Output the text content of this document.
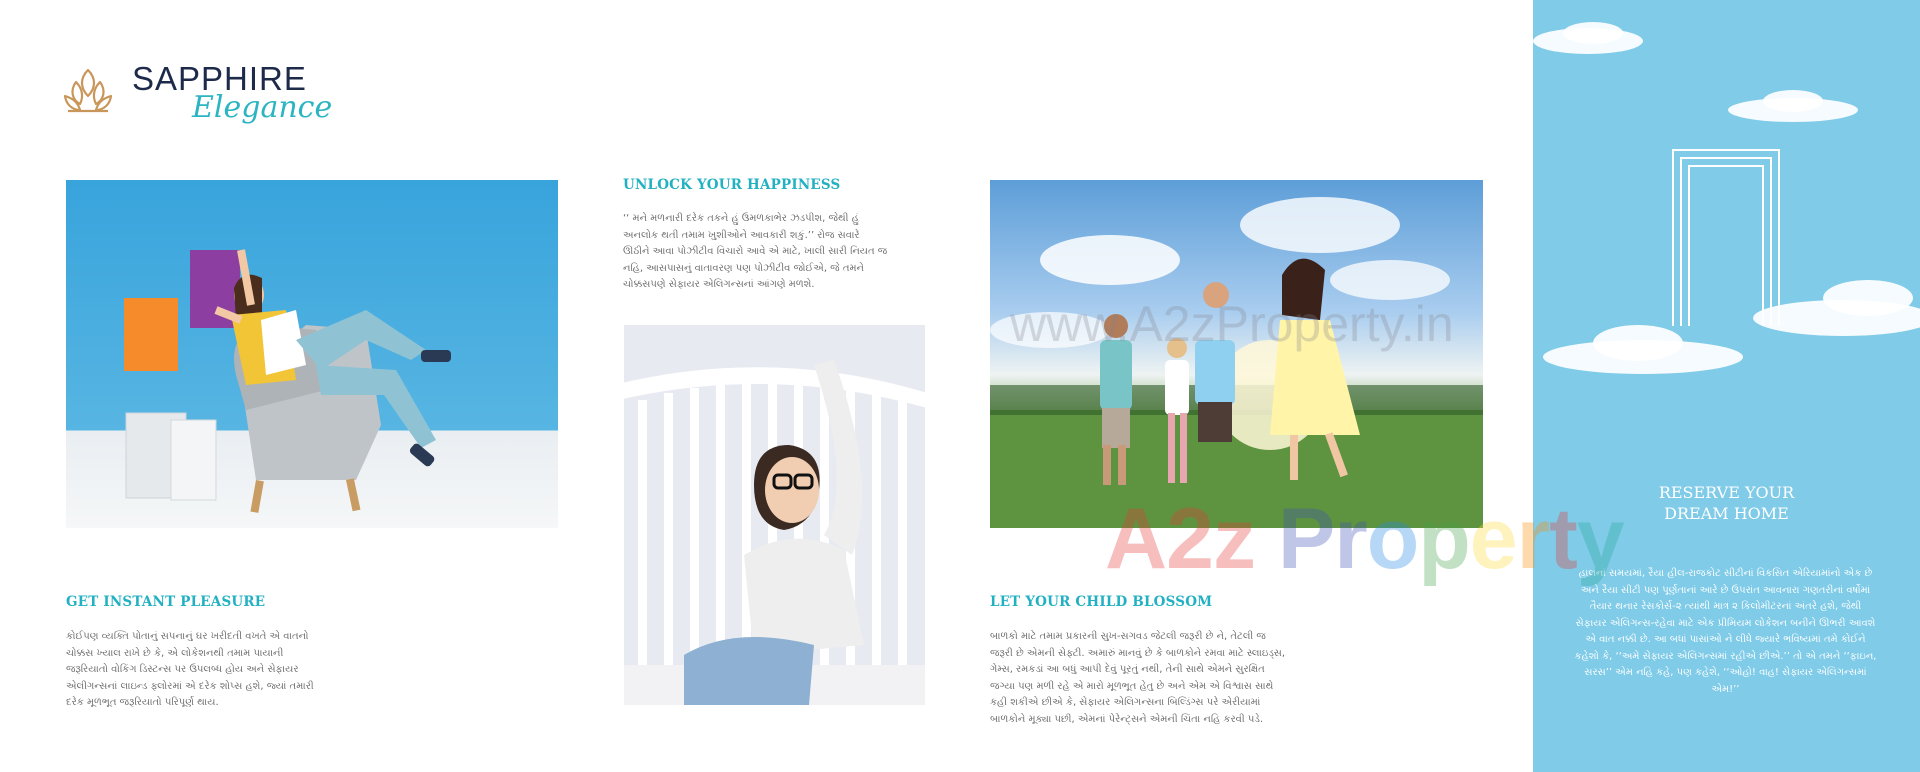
SAPPHIRE
Elegance
UNLOCK YOUR HAPPINESS

‘‘ મને મળનારી દરેક તકને હું ઉમળકાભેર ઝડપીશ, જેથી હું અનલોક થતી તમામ ખુશીઓને આવકારી શકું.’’ રોજ સવારે ઊઠીને આવા પોઝીટીવ વિચારો આવે એ માટે, ખાલી સારી નિયત જ નહિ, આસપાસનું વાતાવરણ પણ પોઝીટીવ જોઈએ, જે તમને ચોક્કસપણે સેફાયર એલિગન્સનાં આંગણે મળશે.

GET INSTANT PLEASURE

કોઈપણ વ્યક્તિ પોતાનું સપનાનું ઘર ખરીદતી વખતે એ વાતનો ચોક્કસ ખ્યાલ રાખે છે કે, એ લોકેશનથી તમામ પાયાની જરૂરિયાતો વોકિંગ ડિસ્ટન્સ પર ઉપલબ્ધ હોય અને સેફાયર એલીગન્સનાં લાઇન્ડ ફ્લોરમાં એ દરેક શોપ્સ હશે, જ્યાં તમારી દરેક મૂળભૂત જરૂરિયાતો પરિપૂર્ણ થાય.

LET YOUR CHILD BLOSSOM

બાળકો માટે તમામ પ્રકારની સુખ-સગવડ જેટલી જરૂરી છે ને, તેટલી જ જરૂરી છે એમની સેફ્ટી. અમારું માનવું છે કે બાળકોને રમવા માટે સ્લાઇડ્સ, ગેમ્સ, રમકડાં આ બધું આપી દેવું પૂરતું નથી, તેની સાથે એમને સુરક્ષિત જગ્યા પણ મળી રહે એ મારો મૂળભૂત હેતુ છે અને એમ એ વિશ્વાસ સાથે કહી શકીએ છીએ કે, સેફાયર એલિગન્સના બિલ્ડિંગ્સ પરે એરીયામાં બાળકોને મૂક્યા પછી, એમનાં પેરેન્ટ્સને એમની ચિંતા નહિ કરવી પડે.

RESERVE YOUR
DREAM HOME

હાલનાં સમયમાં, રૈયા હીલ-રાજકોટ સીટીનાં વિકસિત એરિયામાંનો એક છે અને રૈયા સીટી પણ પૂર્ણતાનાં આરે છે ઉપરાંત આવનારા ગણતરીનાં વર્ષોમાં તૈયાર થનાર રેસકોર્સ-૨ ત્યાંથી માત્ર ૨ કિલોમીટરનાં અંતરે હશે, જેથી સેફાયર એલિગન્સ-રહેવા માટે એક પ્રીમિયમ લોકેશન બનીને ઊભરી આવશે એ વાત નક્કી છે. આ બધાં પાસાંઓ ને લીધે જ્યારે ભવિષ્યમાં તમે કોઈને કહેશો કે, ‘‘અમે સેફાયર એલિગન્સમાં રહીએ છીએ.’’ તો એ તમને ‘‘ફાઇન, સરસ’’ એમ નહિ કહે, પણ કહેશે, ‘‘ઓહો! વાહ! સેફાયર એલિગન્સમાં એમ!’’

www.A2zProperty.in
A2z Property
